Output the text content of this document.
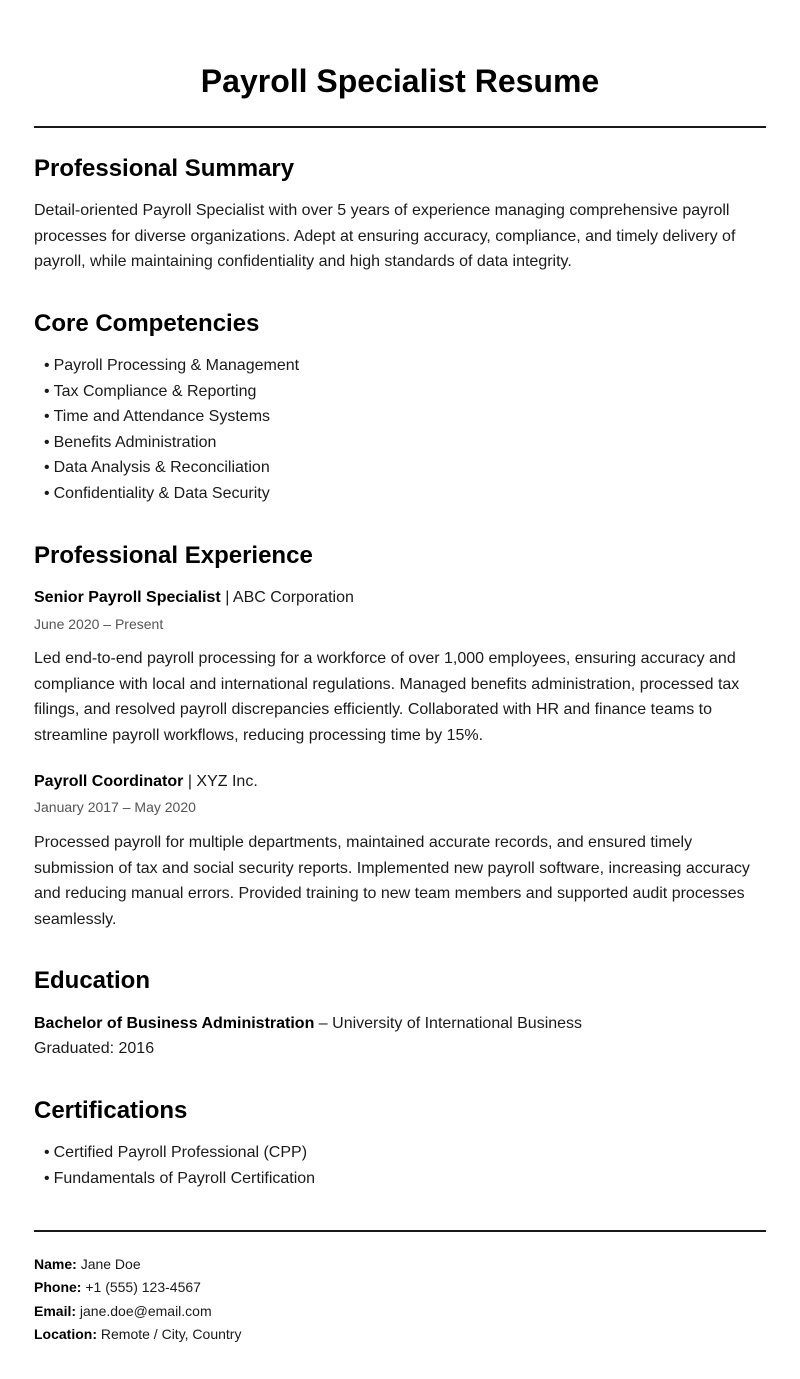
Payroll Specialist Resume
Professional Summary

Detail-oriented Payroll Specialist with over 5 years of experience managing comprehensive payroll processes for diverse organizations. Adept at ensuring accuracy, compliance, and timely delivery of payroll, while maintaining confidentiality and high standards of data integrity.

Core Competencies
• Payroll Processing & Management
• Tax Compliance & Reporting
• Time and Attendance Systems
• Benefits Administration
• Data Analysis & Reconciliation
• Confidentiality & Data Security
Professional Experience
Senior Payroll Specialist | ABC Corporation
June 2020 – Present

Led end-to-end payroll processing for a workforce of over 1,000 employees, ensuring accuracy and compliance with local and international regulations. Managed benefits administration, processed tax filings, and resolved payroll discrepancies efficiently. Collaborated with HR and finance teams to streamline payroll workflows, reducing processing time by 15%.

Payroll Coordinator | XYZ Inc.
January 2017 – May 2020

Processed payroll for multiple departments, maintained accurate records, and ensured timely submission of tax and social security reports. Implemented new payroll software, increasing accuracy and reducing manual errors. Provided training to new team members and supported audit processes seamlessly.

Education
Bachelor of Business Administration – University of International Business
Graduated: 2016
Certifications
• Certified Payroll Professional (CPP)
• Fundamentals of Payroll Certification
Name: Jane Doe
Phone: +1 (555) 123-4567
Email: jane.doe@email.com
Location: Remote / City, Country
